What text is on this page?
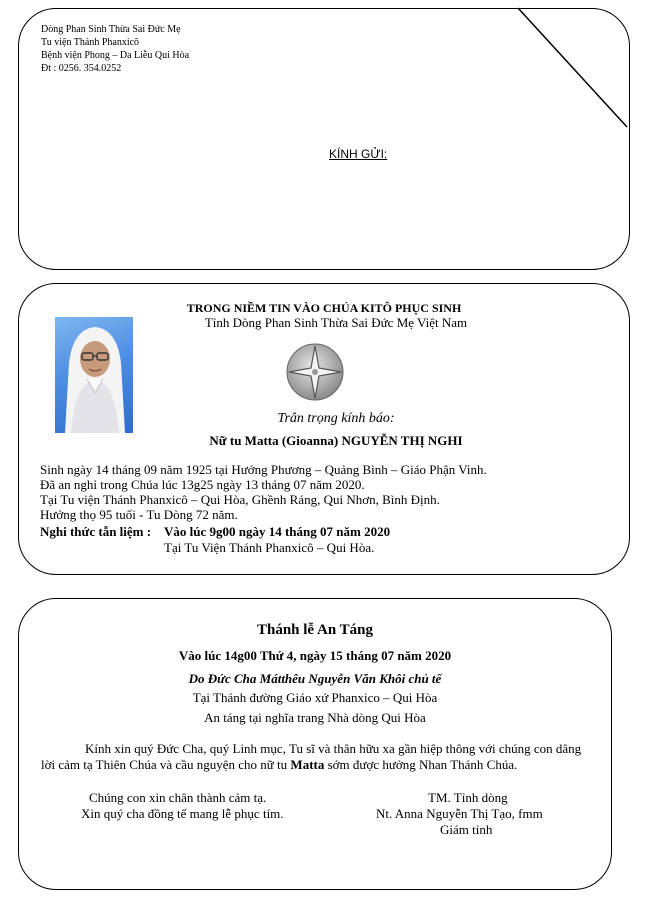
Dòng Phan Sinh Thừa Sai Đức Mẹ
Tu viện Thánh Phanxicô
Bệnh viện Phong – Da Liễu Qui Hòa
Đt : 0256. 354.0252
KÍNH GỬI:
TRONG NIỀM TIN VÀO CHÚA KITÔ PHỤC SINH
Tỉnh Dòng Phan Sinh Thừa Sai Đức Mẹ Việt Nam
Trân trọng kính báo:
Nữ tu Matta (Gioanna) NGUYỄN THỊ NGHI
Sinh ngày 14 tháng 09 năm 1925 tại Hướng Phương – Quảng Bình – Giáo Phận Vinh.
Đã an nghỉ trong Chúa lúc 13g25 ngày 13 tháng 07 năm 2020.
Tại Tu viện Thánh Phanxicô – Qui Hòa, Ghềnh Ráng, Qui Nhơn, Bình Định.
Hưởng thọ 95 tuổi - Tu Dòng 72 năm.
Nghi thức tẫn liệm : Vào lúc 9g00 ngày 14 tháng 07 năm 2020
Tại Tu Viện Thánh Phanxicô – Qui Hòa.
Thánh lễ An Táng
Vào lúc 14g00 Thứ 4, ngày 15 tháng 07 năm 2020
Do Đức Cha Mátthêu Nguyễn Văn Khôi chủ tế
Tại Thánh đường Giáo xứ Phanxico – Qui Hòa
An táng tại nghĩa trang Nhà dòng Qui Hòa
Kính xin quý Đức Cha, quý Linh mục, Tu sĩ và thân hữu xa gần hiệp thông với chúng con dâng
lời cảm tạ Thiên Chúa và cầu nguyện cho nữ tu Matta sớm được hưởng Nhan Thánh Chúa.
Chúng con xin chân thành cảm tạ.
Xin quý cha đồng tế mang lễ phục tím.
TM. Tỉnh dòng
Nt. Anna Nguyễn Thị Tạo, fmm
Giám tỉnh
